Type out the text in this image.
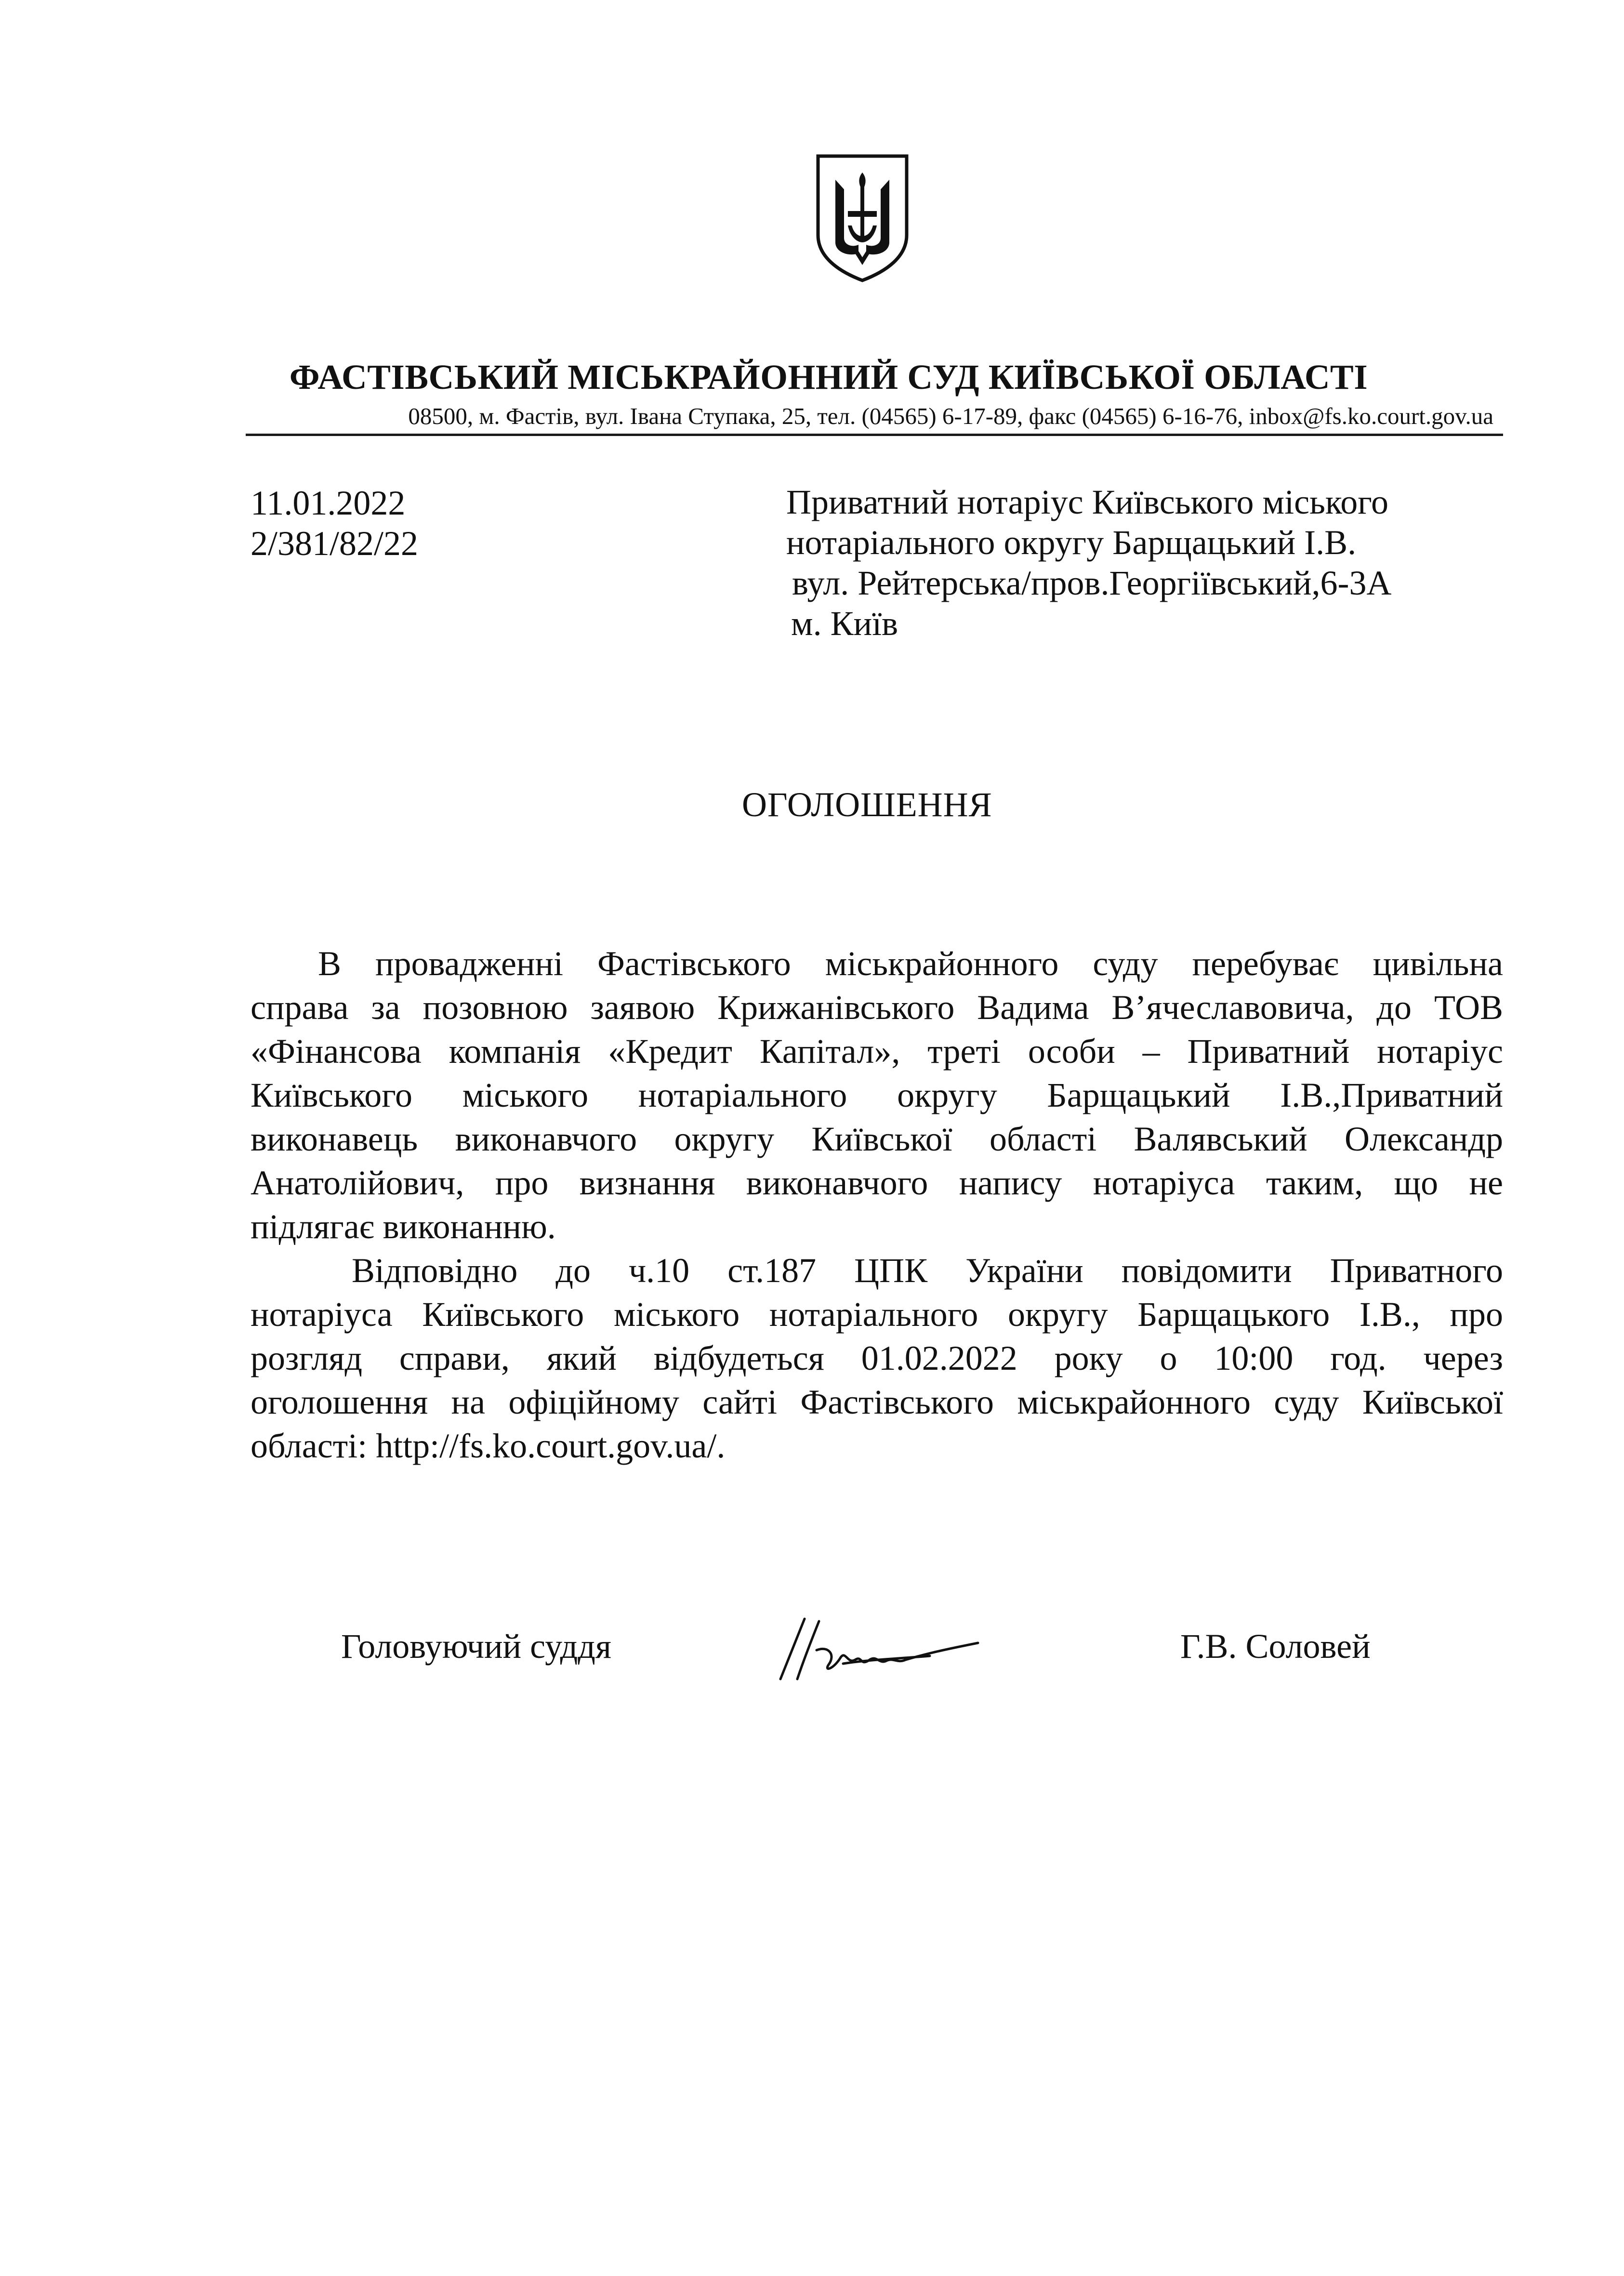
ФАСТІВСЬКИЙ МІСЬКРАЙОННИЙ СУД КИЇВСЬКОЇ ОБЛАСТІ
08500, м. Фастів, вул. Івана Ступака, 25, тел. (04565) 6-17-89, факс (04565) 6-16-76, inbox@fs.ko.court.gov.ua
11.01.2022
2/381/82/22
Приватний нотаріус Київського міського
нотаріального округу Барщацький І.В.
вул. Рейтерська/пров.Георгіївський,6-3А
м. Київ
ОГОЛОШЕННЯ
В провадженні Фастівського міськрайонного суду перебуває цивільна
справа за позовною заявою Крижанівського Вадима В’ячеславовича, до ТОВ
«Фінансова компанія «Кредит Капітал», треті особи – Приватний нотаріус
Київського міського нотаріального округу Барщацький І.В.,Приватний
виконавець виконавчого округу Київської області Валявський Олександр
Анатолійович, про визнання виконавчого напису нотаріуса таким, що не
підлягає виконанню.
Відповідно до ч.10 ст.187 ЦПК України повідомити Приватного
нотаріуса Київського міського нотаріального округу Барщацького І.В., про
розгляд справи, який відбудеться 01.02.2022 року о 10:00 год. через
оголошення на офіційному сайті Фастівського міськрайонного суду Київської
області: http://fs.ko.court.gov.ua/.
Головуючий суддя	Г.В. Соловей
